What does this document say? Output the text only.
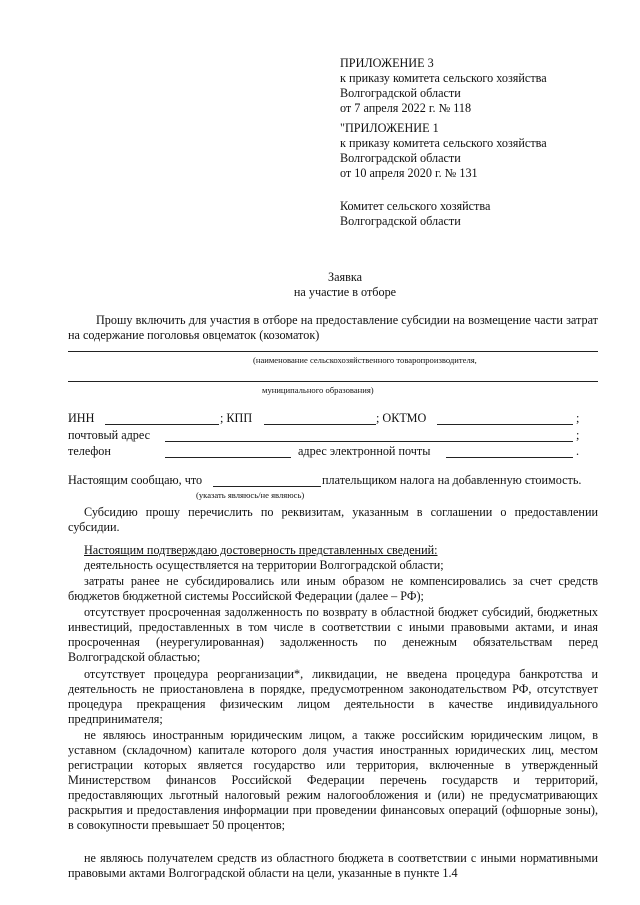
ПРИЛОЖЕНИЕ 3
к приказу комитета сельского хозяйства
Волгоградской области
от 7 апреля 2022 г. № 118
"ПРИЛОЖЕНИЕ 1
к приказу комитета сельского хозяйства
Волгоградской области
от 10 апреля 2020 г. № 131
Комитет сельского хозяйства
Волгоградской области
Заявка
на участие в отборе
Прошу включить для участия в отборе на предоставление субсидии на возмещение части затрат на содержание поголовья овцематок (козоматок)
(наименование сельскохозяйственного товаропроизводителя,
муниципального образования)
ИНН	; КПП	; ОКТМО	;
почтовый адрес	;
телефон	адрес электронной почты	.
Настоящим сообщаю, что	плательщиком налога на добавленную стоимость.
(указать являюсь/не являюсь)
Субсидию прошу перечислить по реквизитам, указанным в соглашении о предоставлении субсидии.
Настоящим подтверждаю достоверность представленных сведений:
деятельность осуществляется на территории Волгоградской области;
затраты ранее не субсидировались или иным образом не компенсировались за счет средств бюджетов бюджетной системы Российской Федерации (далее – РФ);
отсутствует просроченная задолженность по возврату в областной бюджет субсидий, бюджетных инвестиций, предоставленных в том числе в соответствии с иными правовыми актами, и иная просроченная (неурегулированная) задолженность по денежным обязательствам перед Волгоградской областью;
отсутствует процедура реорганизации*, ликвидации, не введена процедура банкротства и деятельность не приостановлена в порядке, предусмотренном законодательством РФ, отсутствует процедура прекращения физическим лицом деятельности в качестве индивидуального предпринимателя;
не являюсь иностранным юридическим лицом, а также российским юридическим лицом, в уставном (складочном) капитале которого доля участия иностранных юридических лиц, местом регистрации которых является государство или территория, включенные в утвержденный Министерством финансов Российской Федерации перечень государств и территорий, предоставляющих льготный налоговый режим налогообложения и (или) не предусматривающих раскрытия и предоставления информации при проведении финансовых операций (офшорные зоны), в совокупности превышает 50 процентов;
не являюсь получателем средств из областного бюджета в соответствии с иными нормативными правовыми актами Волгоградской области на цели, указанные в пункте 1.4
